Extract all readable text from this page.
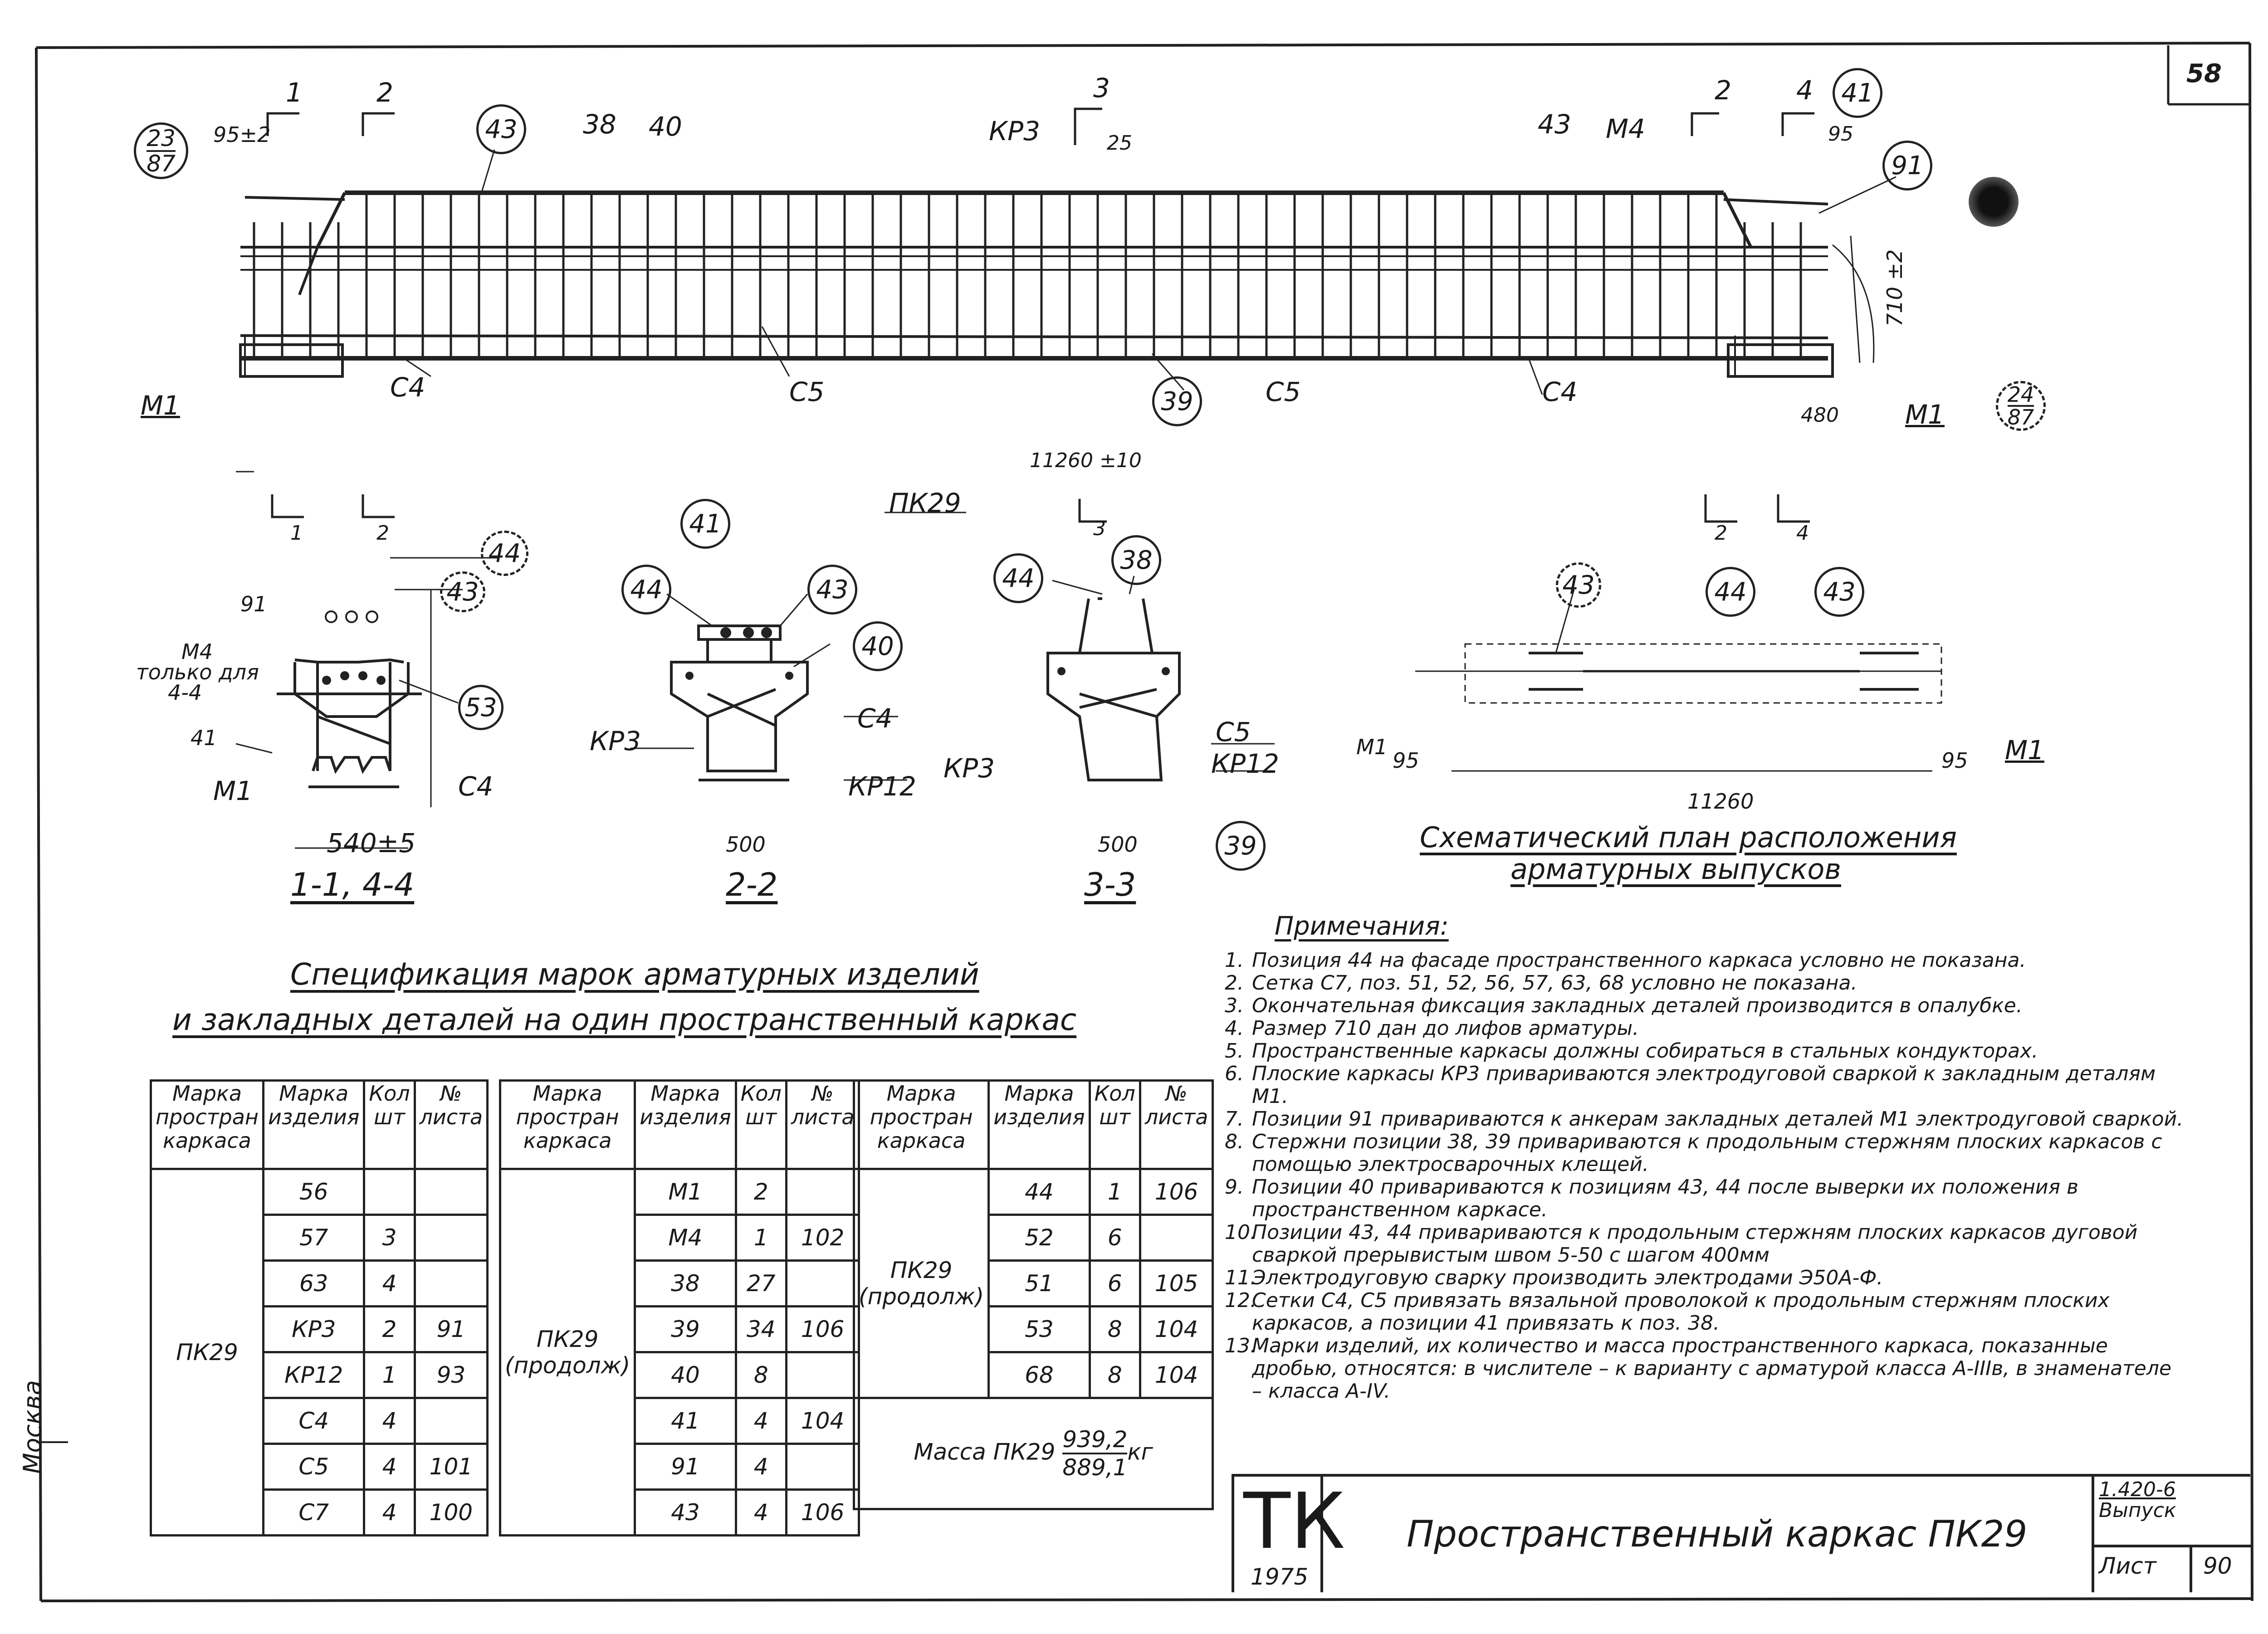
58
Москва
95±2
1	2	3	2 4
КР3	25	М4	95
710 ±2
М1
С4	С5	С5	С4
480	М1
11260 ±10
ПК29
1	2	3	2	4
43	38 40	43
41
91
39
23
87
24
87
М4
только для
4-4
41
М1	С4
91
44
43
53
540±5
1-1, 4-4
41
44	43
40
КР3
С4
КР12
КР3
500
2-2
44
38
С5
КР12
500	39
3-3
43	44	43
95	95
М1	М1
11260
Схематический план расположения
арматурных выпусков
Спецификация марок арматурных изделий
и закладных деталей на один пространственный каркас
Марка простран каркаса	Марка изделия	Кол шт	№ листа
ПК29	56		
	57	3	
	63	4	
	КР3	2	91
	КР12	1	93
	С4	4	
	С5	4	101
	С7	4	100
Марка простран каркаса	Марка изделия	Кол шт	№ листа
ПК29 (продолж)	М1	2	
	М4	1	102
	38	27	
	39	34	106
	40	8	
	41	4	104
	91	4	
	43	4	106
Марка простран каркаса	Марка изделия	Кол шт	№ листа
ПК29 (продолж)	44	1	106
	52	6	
	51	6	105
	53	8	104
	68	8	104
Масса $ПК29 \frac{939,2}{889,1}$ кг			
Примечания:
1. Позиция 44 на фасаде пространственного каркаса условно не показана.
2. Сетка С7, поз. 51, 52, 56, 57, 63, 68 условно не показана.
3. Окончательная фиксация закладных деталей производится в опалубке.
4. Размер 710 дан до лифов арматуры.
5. Пространственные каркасы должны собираться в стальных кондукторах.
6. Плоские каркасы КР3 привариваются электродуговой сваркой к закладным деталям М1.
7. Позиции 91 привариваются к анкерам закладных деталей М1 электродуговой сваркой.
8. Стержни позиции 38, 39 привариваются к продольным стержням плоских каркасов с помощью электросварочных клещей.
9. Позиции 40 привариваются к позициям 43, 44 после выверки их положения в пространственном каркасе.
10.
Позиции 43, 44 привариваются к продольным стержням плоских каркасов дуговой сваркой прерывистым швом 5-50 с шагом 400мм
11.
Электродуговую сварку производить электродами Э50А-Ф.
12.
Сетки С4, С5 привязать вязальной проволокой к продольным стержням плоских каркасов, а позиции 41 привязать к поз. 38.
13.
Марки изделий, их количество и масса пространственного каркаса, показанные дробью, относятся: в числителе – к варианту с арматурой класса А-IIIв, в знаменателе – класса А-IV.
ТК
1975
Пространственный каркас ПК29
1.420-6
Выпуск
Лист 90
